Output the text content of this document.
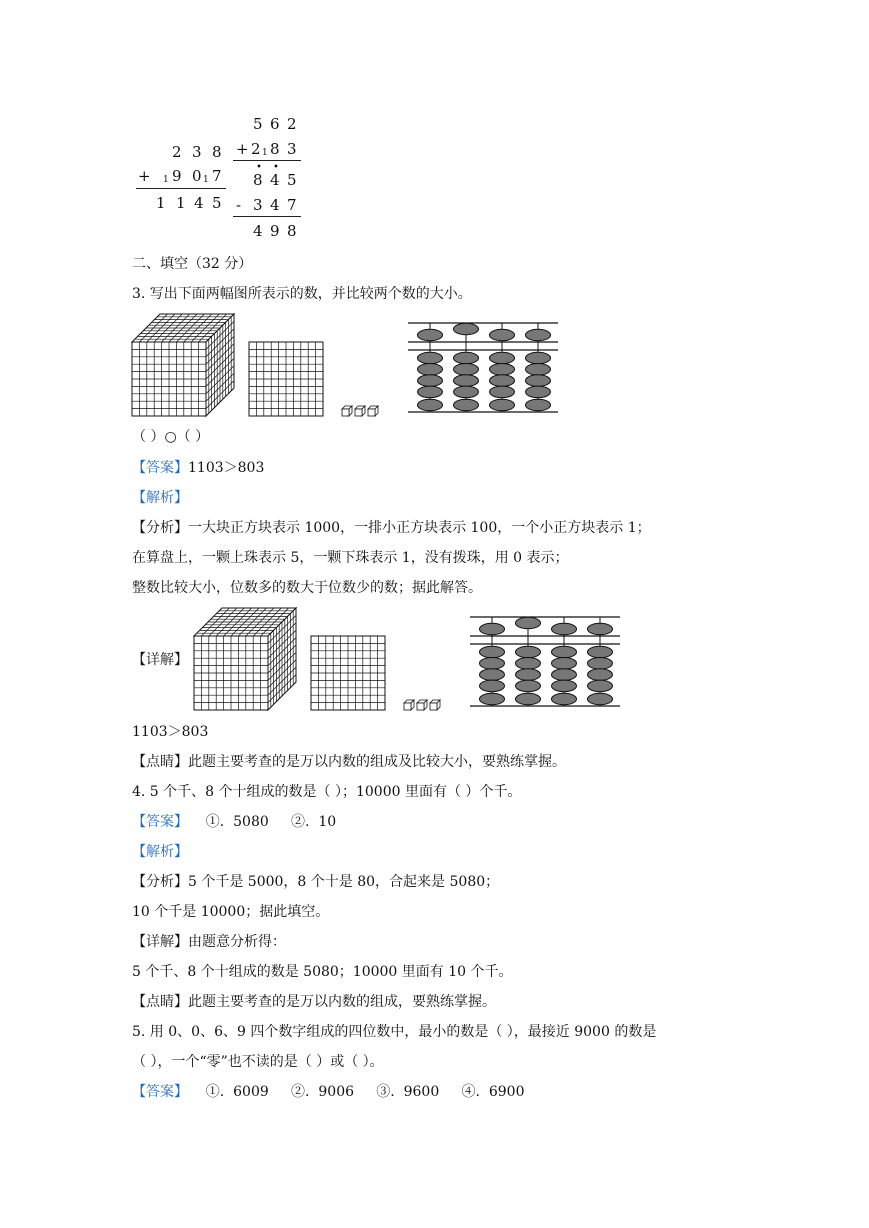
2 3 8
+ 1 9 0 1 7
1 1 4 5
5 6 2
+ 2 1 8 3
• •
8 4 5
- 3 4 7
4 9 8
二、填空（32 分）
3. 写出下面两幅图所表示的数，并比较两个数的大小。
（ ）○（ ）
【答案】1103＞803
【解析】
【分析】一大块正方块表示 1000，一排小正方块表示 100，一个小正方块表示 1；
在算盘上，一颗上珠表示 5，一颗下珠表示 1，没有拨珠，用 0 表示；
整数比较大小，位数多的数大于位数少的数；据此解答。
【详解】
1103＞803
【点睛】此题主要考查的是万以内数的组成及比较大小，要熟练掌握。
4. 5 个千、8 个十组成的数是（ ）；10000 里面有（ ）个千。
【答案】    ①.  5080     ②.  10
【解析】
【分析】5 个千是 5000，8 个十是 80，合起来是 5080；
10 个千是 10000；据此填空。
【详解】由题意分析得：
5 个千、8 个十组成的数是 5080；10000 里面有 10 个千。
【点睛】此题主要考查的是万以内数的组成，要熟练掌握。
5. 用 0、0、6、9 四个数字组成的四位数中，最小的数是（ ），最接近 9000 的数是
（ ），一个“零”也不读的是（ ）或（ ）。
【答案】    ①.  6009     ②.  9006     ③.  9600     ④.  6900
